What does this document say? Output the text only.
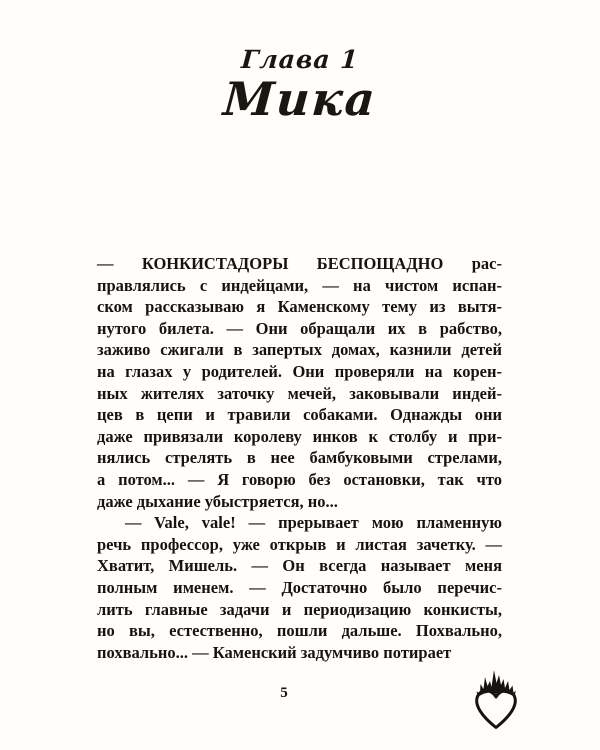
Глава 1
Мика
— КОНКИСТАДОРЫ БЕСПОЩАДНО рас-
правлялись с индейцами, — на чистом испан-
ском рассказываю я Каменскому тему из вытя-
нутого билета. — Они обращали их в рабство,
заживо сжигали в запертых домах, казнили детей
на глазах у родителей. Они проверяли на корен-
ных жителях заточку мечей, заковывали индей-
цев в цепи и травили собаками. Однажды они
даже привязали королеву инков к столбу и при-
нялись стрелять в нее бамбуковыми стрелами,
а потом... — Я говорю без остановки, так что
даже дыхание убыстряется, но...
— Vale, vale! — прерывает мою пламенную
речь профессор, уже открыв и листая зачетку. —
Хватит, Мишель. — Он всегда называет меня
полным именем. — Достаточно было перечис-
лить главные задачи и периодизацию конкисты,
но вы, естественно, пошли дальше. Похвально,
похвально... — Каменский задумчиво потирает
5
